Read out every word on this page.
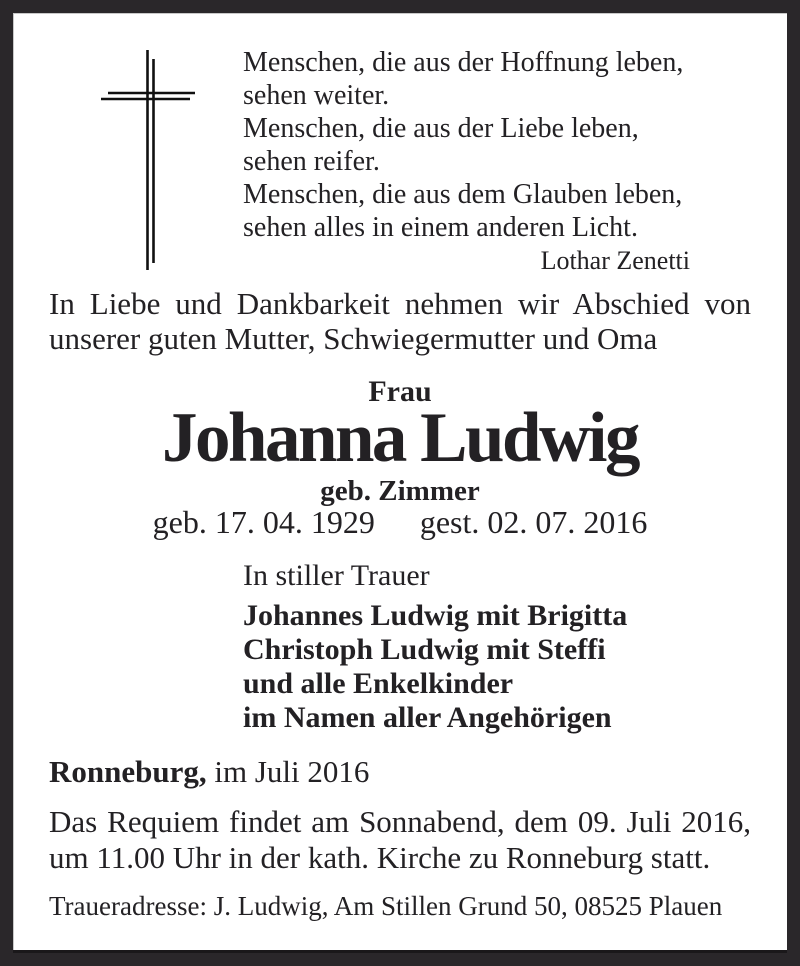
Menschen, die aus der Hoffnung leben,
sehen weiter.
Menschen, die aus der Liebe leben,
sehen reifer.
Menschen, die aus dem Glauben leben,
sehen alles in einem anderen Licht.
Lothar Zenetti
In Liebe und Dankbarkeit nehmen wir Abschied von
unserer guten Mutter, Schwiegermutter und Oma
Frau
Johanna Ludwig
geb. Zimmer
geb. 17. 04. 1929 gest. 02. 07. 2016
In stiller Trauer
Johannes Ludwig mit Brigitta
Christoph Ludwig mit Steffi
und alle Enkelkinder
im Namen aller Angehörigen
Ronneburg, im Juli 2016
Das Requiem findet am Sonnabend, dem 09. Juli 2016,
um 11.00 Uhr in der kath. Kirche zu Ronneburg statt.
Traueradresse: J. Ludwig, Am Stillen Grund 50, 08525 Plauen
